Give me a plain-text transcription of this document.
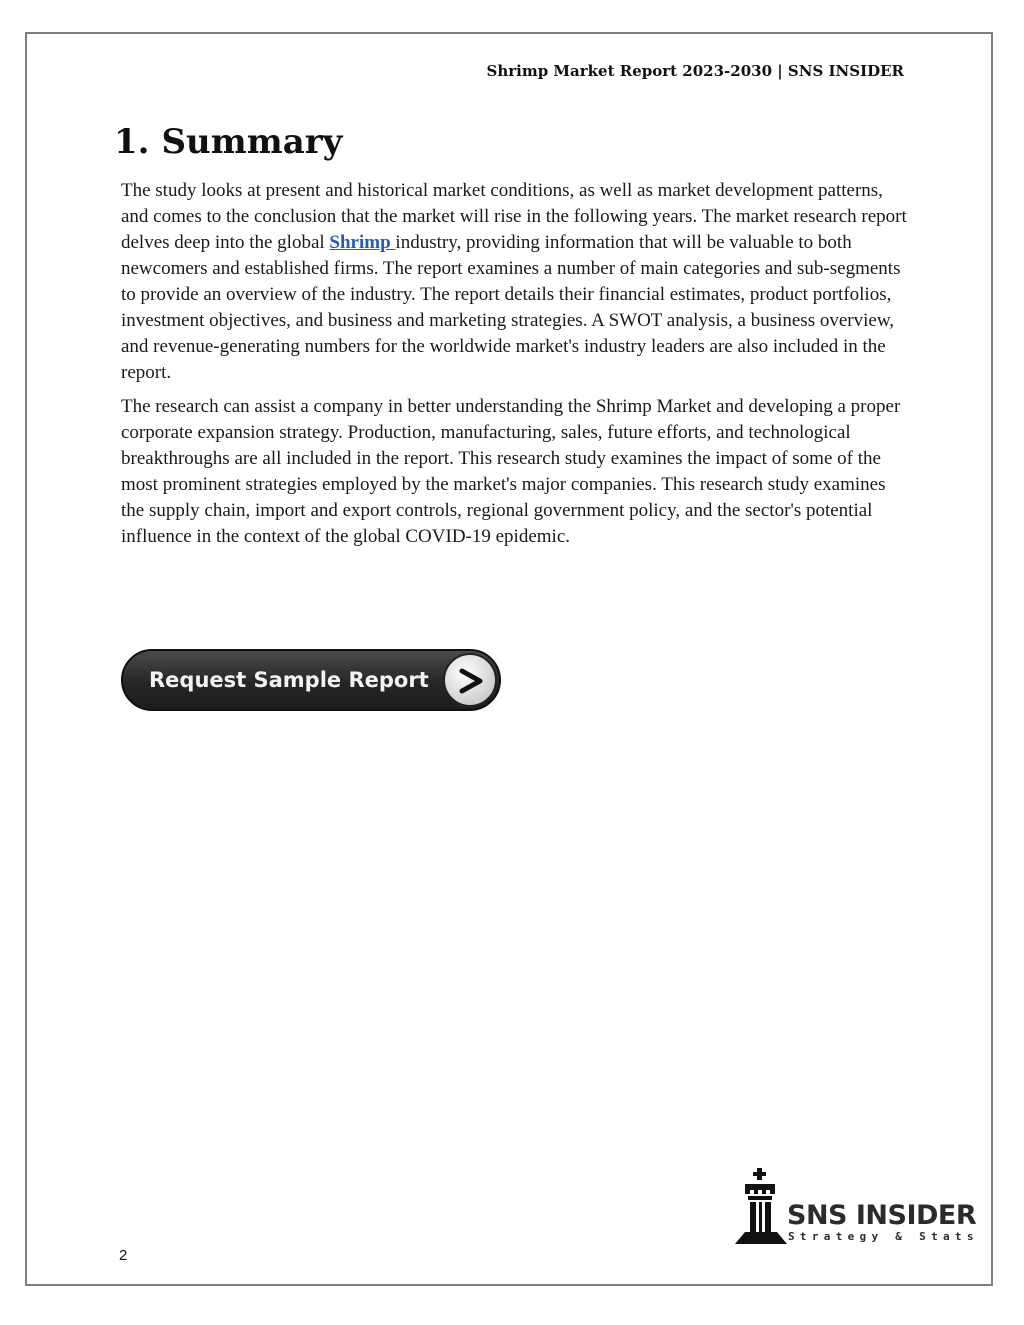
Shrimp Market Report 2023-2030 | SNS INSIDER
1. Summary

The study looks at present and historical market conditions, as well as market development patterns, and comes to the conclusion that the market will rise in the following years. The market research report delves deep into the global Shrimp industry, providing information that will be valuable to both newcomers and established firms. The report examines a number of main categories and sub-segments to provide an overview of the industry. The report details their financial estimates, product portfolios, investment objectives, and business and marketing strategies. A SWOT analysis, a business overview, and revenue-generating numbers for the worldwide market's industry leaders are also included in the report.

The research can assist a company in better understanding the Shrimp Market and developing a proper corporate expansion strategy. Production, manufacturing, sales, future efforts, and technological breakthroughs are all included in the report. This research study examines the impact of some of the most prominent strategies employed by the market's major companies. This research study examines the supply chain, import and export controls, regional government policy, and the sector's potential influence in the context of the global COVID-19 epidemic.

Request Sample Report
SNS INSIDER
Strategy & Stats
2
